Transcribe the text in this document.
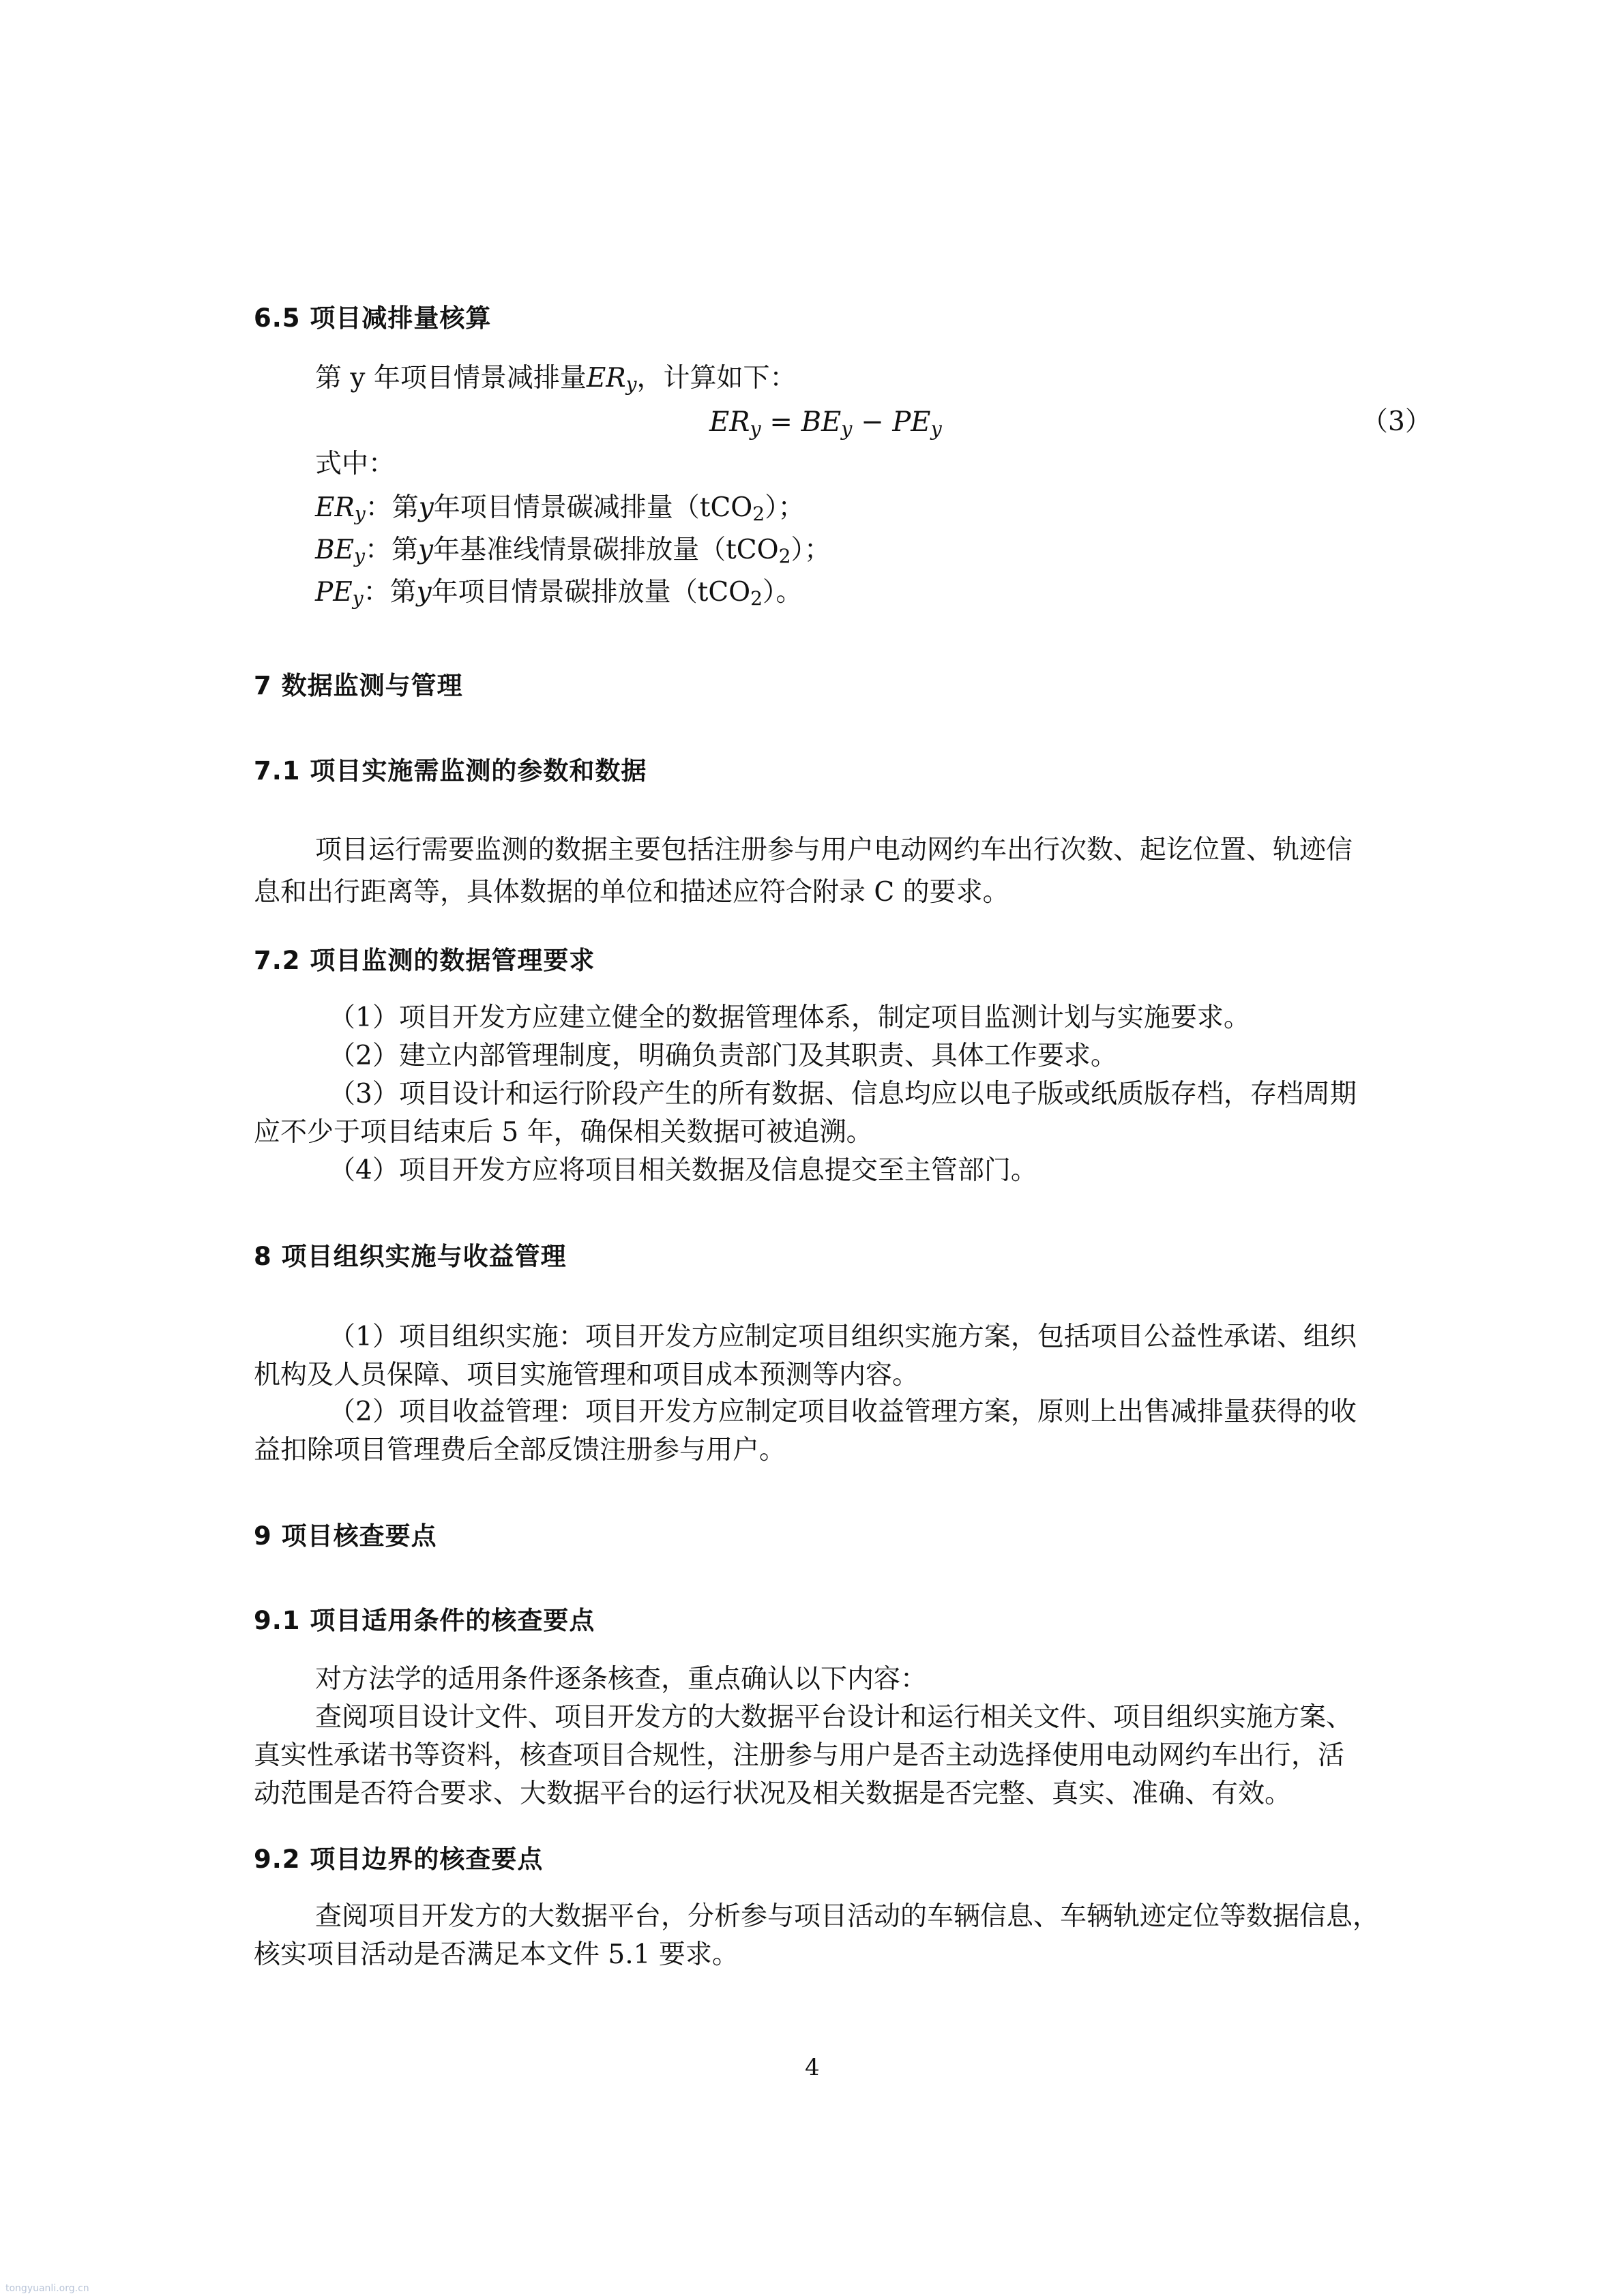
6.5 项目减排量核算
第 y 年项目情景减排量$ER_y$，计算如下：
$ER_y = BE_y - PE_y$	（3）
式中：
$ER_y$：第y年项目情景碳减排量（tCO$_2$）；
$BE_y$：第y年基准线情景碳排放量（tCO$_2$）；
$PE_y$：第y年项目情景碳排放量（tCO$_2$）。
7 数据监测与管理
7.1 项目实施需监测的参数和数据
项目运行需要监测的数据主要包括注册参与用户电动网约车出行次数、起讫位置、轨迹信
息和出行距离等，具体数据的单位和描述应符合附录 C 的要求。
7.2 项目监测的数据管理要求
（1）项目开发方应建立健全的数据管理体系，制定项目监测计划与实施要求。
（2）建立内部管理制度，明确负责部门及其职责、具体工作要求。
（3）项目设计和运行阶段产生的所有数据、信息均应以电子版或纸质版存档，存档周期
应不少于项目结束后 5 年，确保相关数据可被追溯。
（4）项目开发方应将项目相关数据及信息提交至主管部门。
8 项目组织实施与收益管理
（1）项目组织实施：项目开发方应制定项目组织实施方案，包括项目公益性承诺、组织
机构及人员保障、项目实施管理和项目成本预测等内容。
（2）项目收益管理：项目开发方应制定项目收益管理方案，原则上出售减排量获得的收
益扣除项目管理费后全部反馈注册参与用户。
9 项目核查要点
9.1 项目适用条件的核查要点
对方法学的适用条件逐条核查，重点确认以下内容：
查阅项目设计文件、项目开发方的大数据平台设计和运行相关文件、项目组织实施方案、
真实性承诺书等资料，核查项目合规性，注册参与用户是否主动选择使用电动网约车出行，活
动范围是否符合要求、大数据平台的运行状况及相关数据是否完整、真实、准确、有效。
9.2 项目边界的核查要点
查阅项目开发方的大数据平台，分析参与项目活动的车辆信息、车辆轨迹定位等数据信息，
核实项目活动是否满足本文件 5.1 要求。
4
tongyuanli.org.cn
